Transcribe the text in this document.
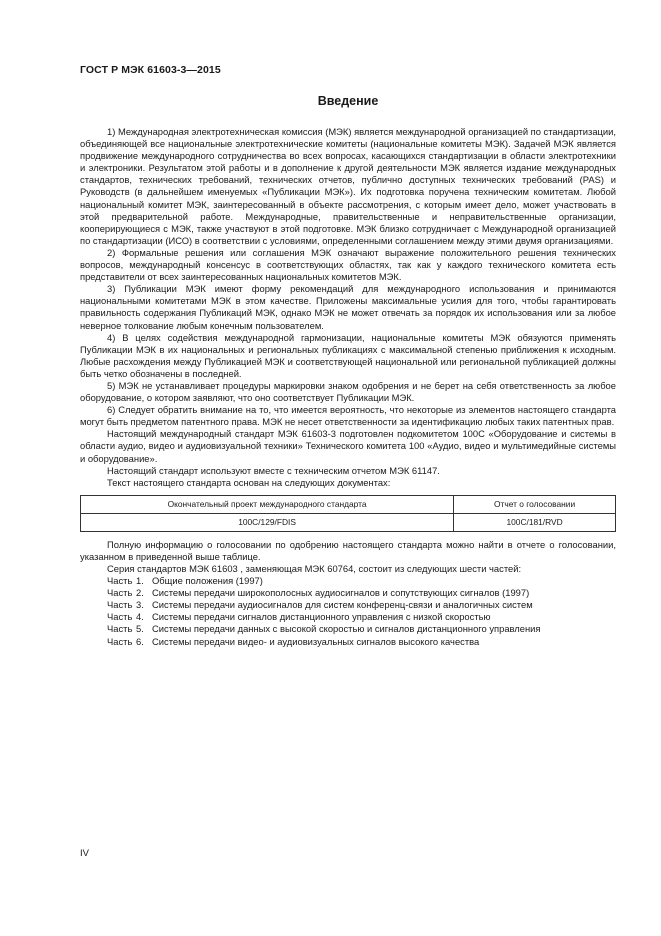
ГОСТ Р МЭК 61603-3—2015
Введение

1) Международная электротехническая комиссия (МЭК) является международной организацией по стандартизации, объединяющей все национальные электротехнические комитеты (национальные комитеты МЭК). Задачей МЭК является продвижение международного сотрудничества во всех вопросах, касающихся стандартизации в области электротехники и электроники. Результатом этой работы и в дополнение к другой деятельности МЭК является издание международных стандартов, технических требований, технических отчетов, публично доступных технических требований (PAS) и Руководств (в дальнейшем именуемых «Публикации МЭК»). Их подготовка поручена техническим комитетам. Любой национальный комитет МЭК, заинтересованный в объекте рассмотрения, с которым имеет дело, может участвовать в этой предварительной работе. Международные, правительственные и неправительственные организации, кооперирующиеся с МЭК, также участвуют в этой подготовке. МЭК близко сотрудничает с Международной организацией по стандартизации (ИСО) в соответствии с условиями, определенными соглашением между этими двумя организациями.

2) Формальные решения или соглашения МЭК означают выражение положительного решения технических вопросов, международный консенсус в соответствующих областях, так как у каждого технического комитета есть представители от всех заинтересованных национальных комитетов МЭК.

3) Публикации МЭК имеют форму рекомендаций для международного использования и принимаются национальными комитетами МЭК в этом качестве. Приложены максимальные усилия для того, чтобы гарантировать правильность содержания Публикаций МЭК, однако МЭК не может отвечать за порядок их использования или за любое неверное толкование любым конечным пользователем.

4) В целях содействия международной гармонизации, национальные комитеты МЭК обязуются применять Публикации МЭК в их национальных и региональных публикациях с максимальной степенью приближения к исходным. Любые расхождения между Публикацией МЭК и соответствующей национальной или региональной публикацией должны быть четко обозначены в последней.

5) МЭК не устанавливает процедуры маркировки знаком одобрения и не берет на себя ответственность за любое оборудование, о котором заявляют, что оно соответствует Публикации МЭК.

6) Следует обратить внимание на то, что имеется вероятность, что некоторые из элементов настоящего стандарта могут быть предметом патентного права. МЭК не несет ответственности за идентификацию любых таких патентных прав.

Настоящий международный стандарт МЭК 61603-3 подготовлен подкомитетом 100С «Оборудование и системы в области аудио, видео и аудиовизуальной техники» Технического комитета 100 «Аудио, видео и мультимедийные системы и оборудование».

Настоящий стандарт используют вместе с техническим отчетом МЭК 61147.

Текст настоящего стандарта основан на следующих документах:

Окончательный проект международного стандарта	Отчет о голосовании
100С/129/FDIS	100С/181/RVD

Полную информацию о голосовании по одобрению настоящего стандарта можно найти в отчете о голосовании, указанном в приведенной выше таблице.

Серия стандартов МЭК 61603 , заменяющая МЭК 60764, состоит из следующих шести частей:

Часть 1. Общие положения (1997)
Часть 2. Системы передачи широкополосных аудиосигналов и сопутствующих сигналов (1997)
Часть 3. Системы передачи аудиосигналов для систем конференц-связи и аналогичных систем
Часть 4. Системы передачи сигналов дистанционного управления с низкой скоростью
Часть 5. Системы передачи данных с высокой скоростью и сигналов дистанционного управления
Часть 6. Системы передачи видео- и аудиовизуальных сигналов высокого качества
IV
